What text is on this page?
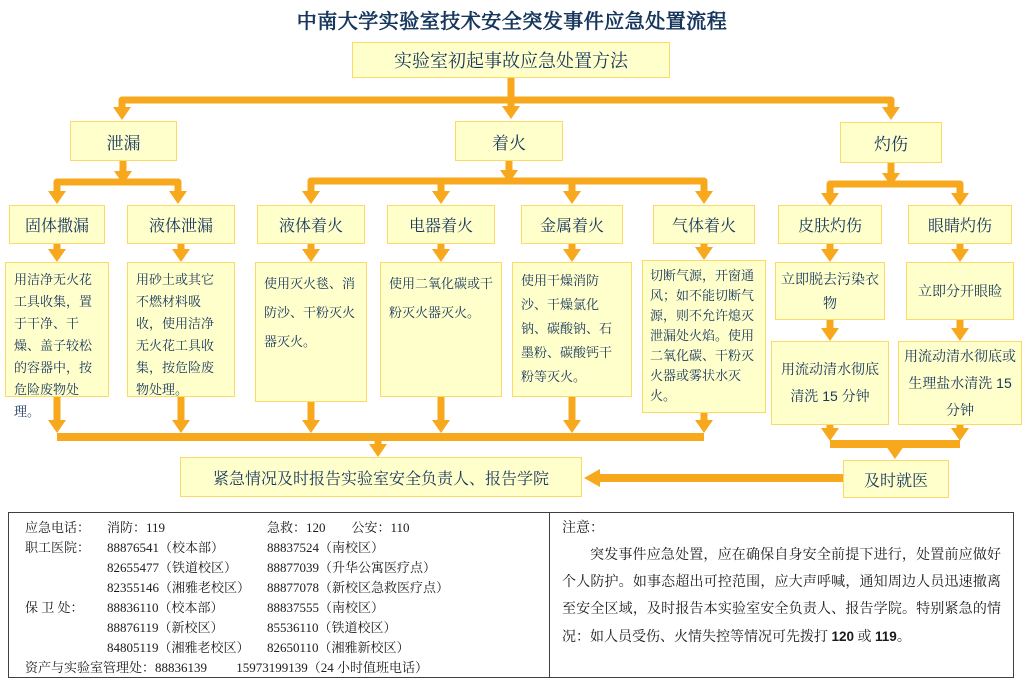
中南大学实验室技术安全突发事件应急处置流程
实验室初起事故应急处置方法
泄漏	着火	灼伤
固体撒漏	液体泄漏	液体着火	电器着火	金属着火	气体着火	皮肤灼伤	眼睛灼伤
用洁净无火花工具收集，置于干净、干燥、盖子较松的容器中，按危险废物处理。
用砂土或其它不燃材料吸收，使用洁净无火花工具收集，按危险废物处理。
使用灭火毯、消防沙、干粉灭火器灭火。
使用二氧化碳或干粉灭火器灭火。
使用干燥消防沙、干燥氯化钠、碳酸钠、石墨粉、碳酸钙干粉等灭火。
切断气源，开窗通风；如不能切断气源，则不允许熄灭泄漏处火焰。使用二氧化碳、干粉灭火器或雾状水灭火。
立即脱去污染衣物
用流动清水彻底清洗 15 分钟
立即分开眼睑
用流动清水彻底或生理盐水清洗 15 分钟
紧急情况及时报告实验室安全负责人、报告学院	及时就医
应急电话：	消防：119	急救：120　　公安：110
职工医院：	88876541（校本部）	88837524（南校区）
82655477（铁道校区）	88877039（升华公寓医疗点）
82355146（湘雅老校区）	88877078（新校区急救医疗点）
保 卫 处：	88836110（校本部）	88837555（南校区）
88876119（新校区）	85536110（铁道校区）
84805119（湘雅老校区）	82650110（湘雅新校区）
资产与实验室管理处：88836139　　 15973199139（24 小时值班电话）
注意：
突发事件应急处置，应在确保自身安全前提下进行，处置前应做好个人防护。如事态超出可控范围，应大声呼喊，通知周边人员迅速撤离至安全区域，及时报告本实验室安全负责人、报告学院。特别紧急的情况：如人员受伤、火情失控等情况可先拨打 120 或 119。
